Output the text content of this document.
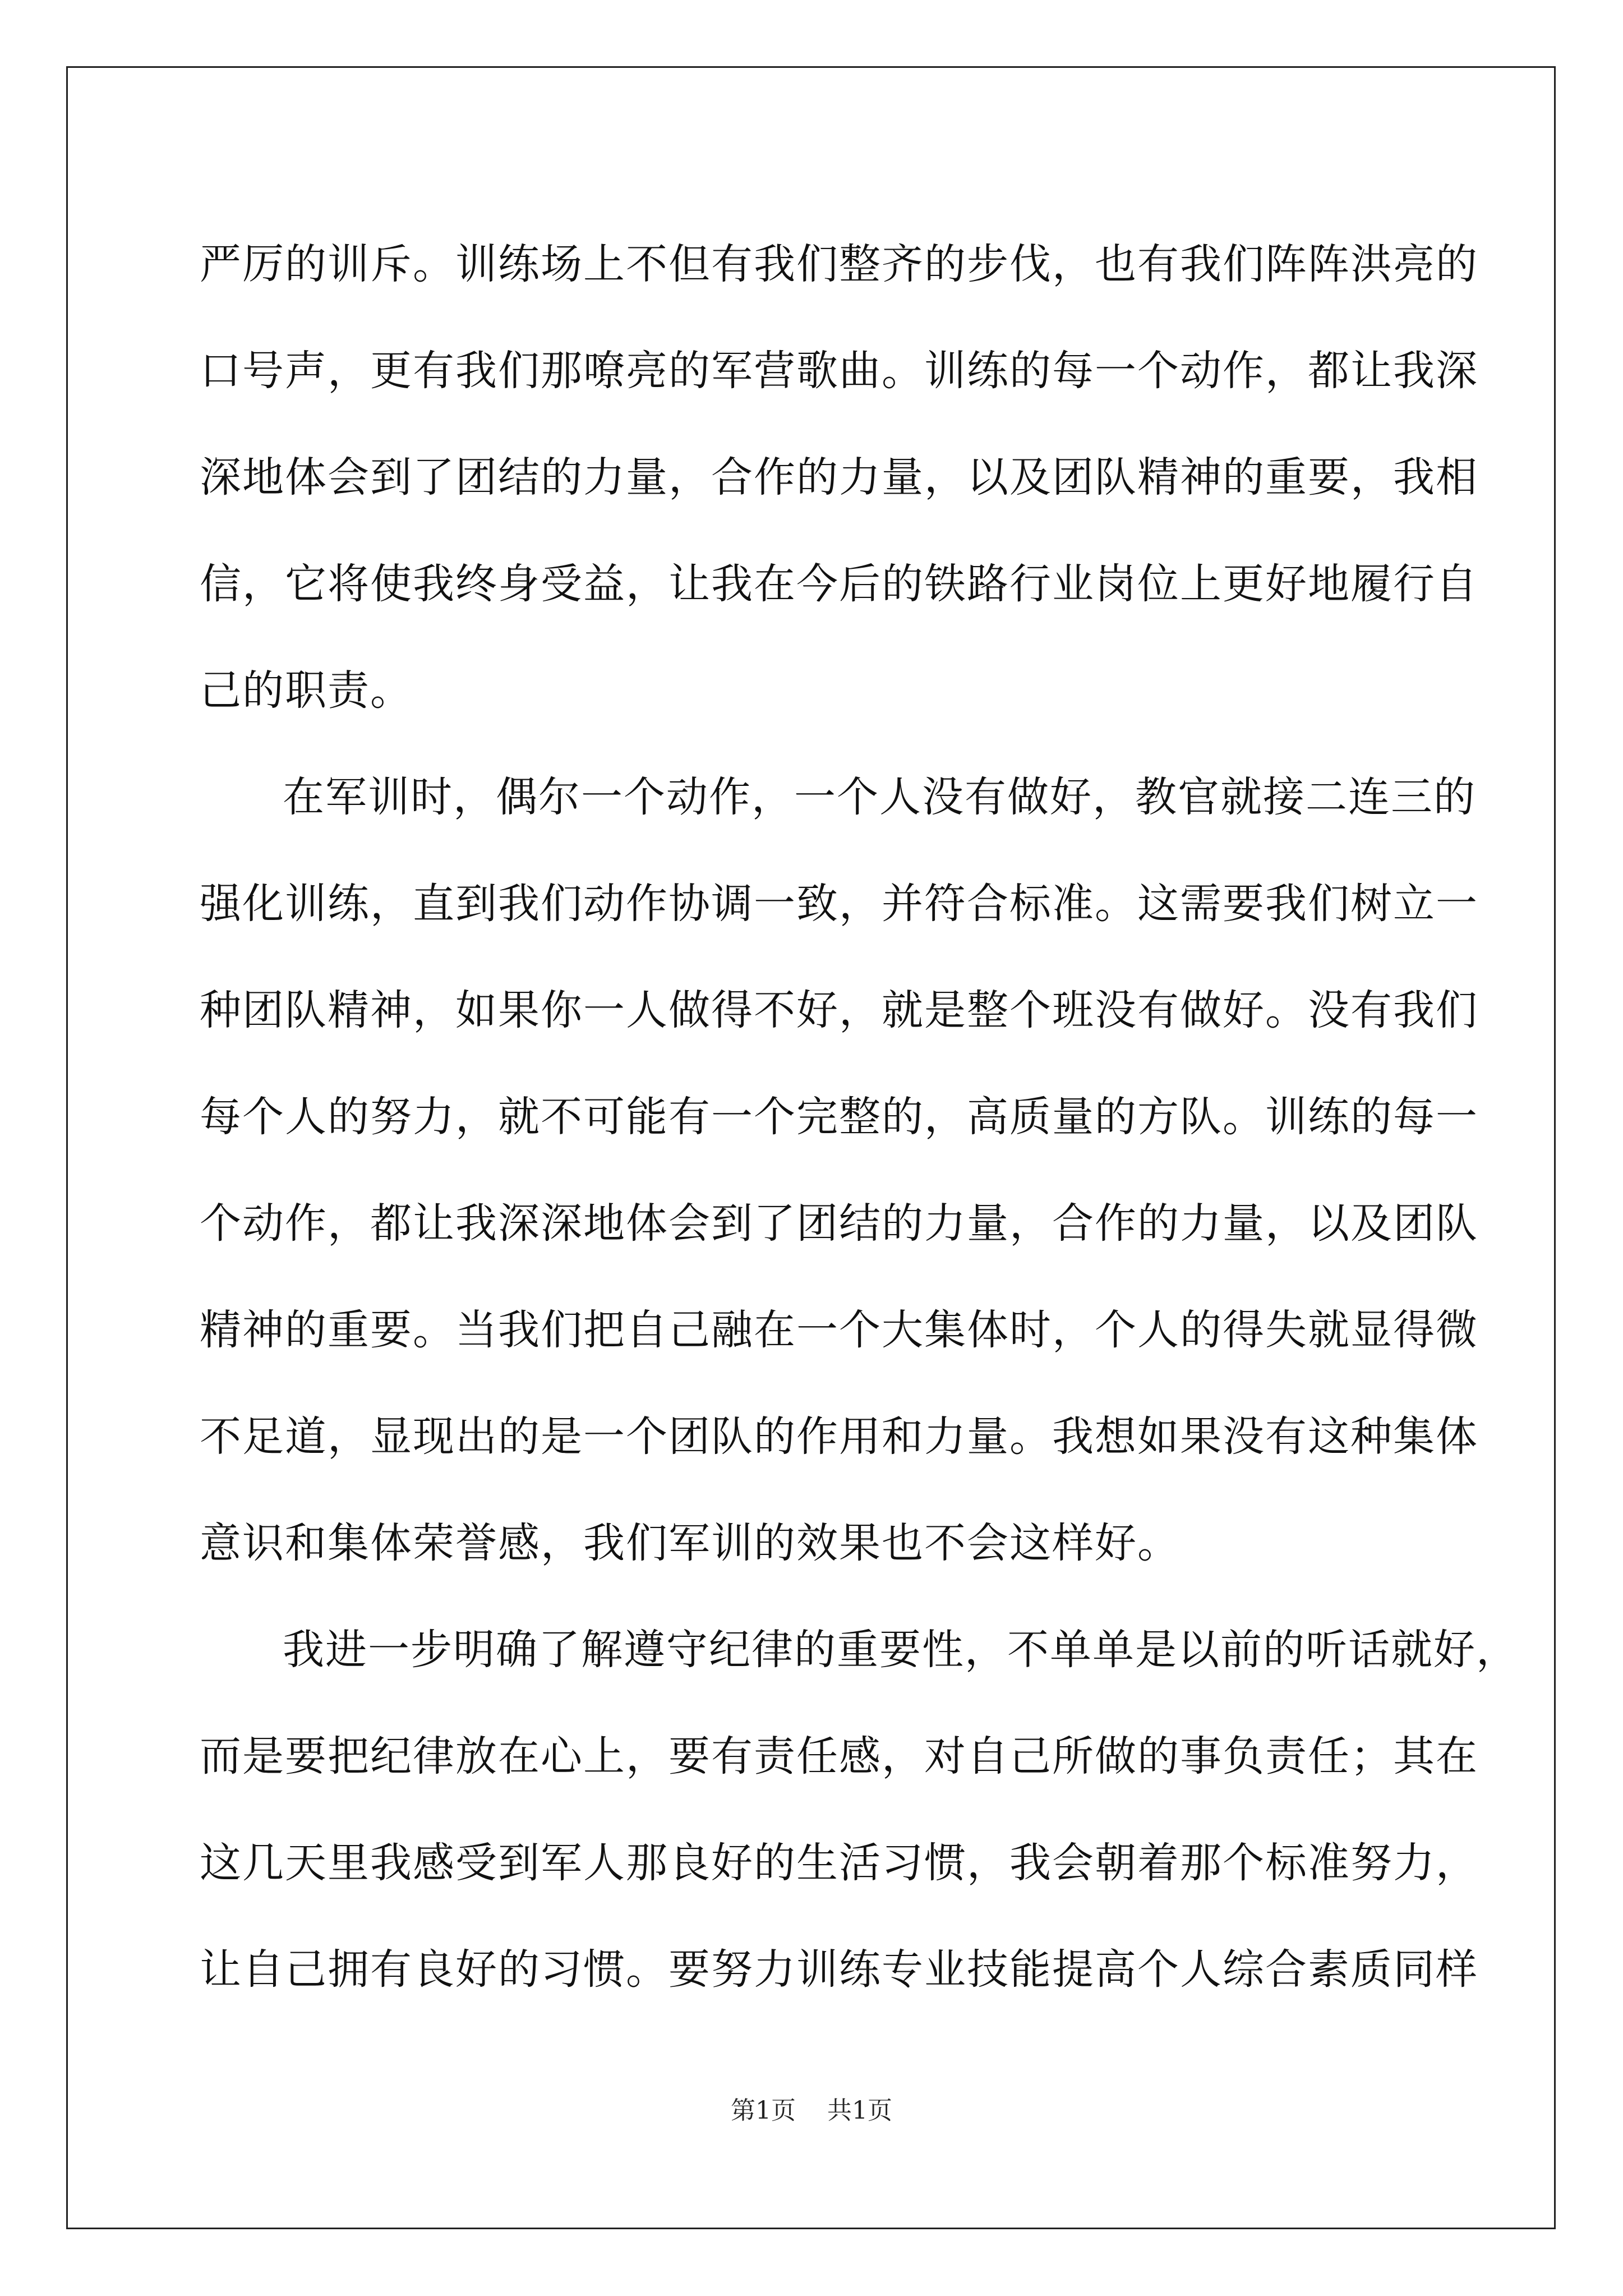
严厉的训斥。训练场上不但有我们整齐的步伐，也有我们阵阵洪亮的
口号声，更有我们那嘹亮的军营歌曲。训练的每一个动作，都让我深
深地体会到了团结的力量，合作的力量，以及团队精神的重要，我相
信，它将使我终身受益，让我在今后的铁路行业岗位上更好地履行自
己的职责。
在军训时，偶尔一个动作，一个人没有做好，教官就接二连三的
强化训练，直到我们动作协调一致，并符合标准。这需要我们树立一
种团队精神，如果你一人做得不好，就是整个班没有做好。没有我们
每个人的努力，就不可能有一个完整的，高质量的方队。训练的每一
个动作，都让我深深地体会到了团结的力量，合作的力量，以及团队
精神的重要。当我们把自己融在一个大集体时，个人的得失就显得微
不足道，显现出的是一个团队的作用和力量。我想如果没有这种集体
意识和集体荣誉感，我们军训的效果也不会这样好。
我进一步明确了解遵守纪律的重要性，不单单是以前的听话就好，
而是要把纪律放在心上，要有责任感，对自己所做的事负责任；其在
这几天里我感受到军人那良好的生活习惯，我会朝着那个标准努力，
让自己拥有良好的习惯。要努力训练专业技能提高个人综合素质同样
第1页 共1页
